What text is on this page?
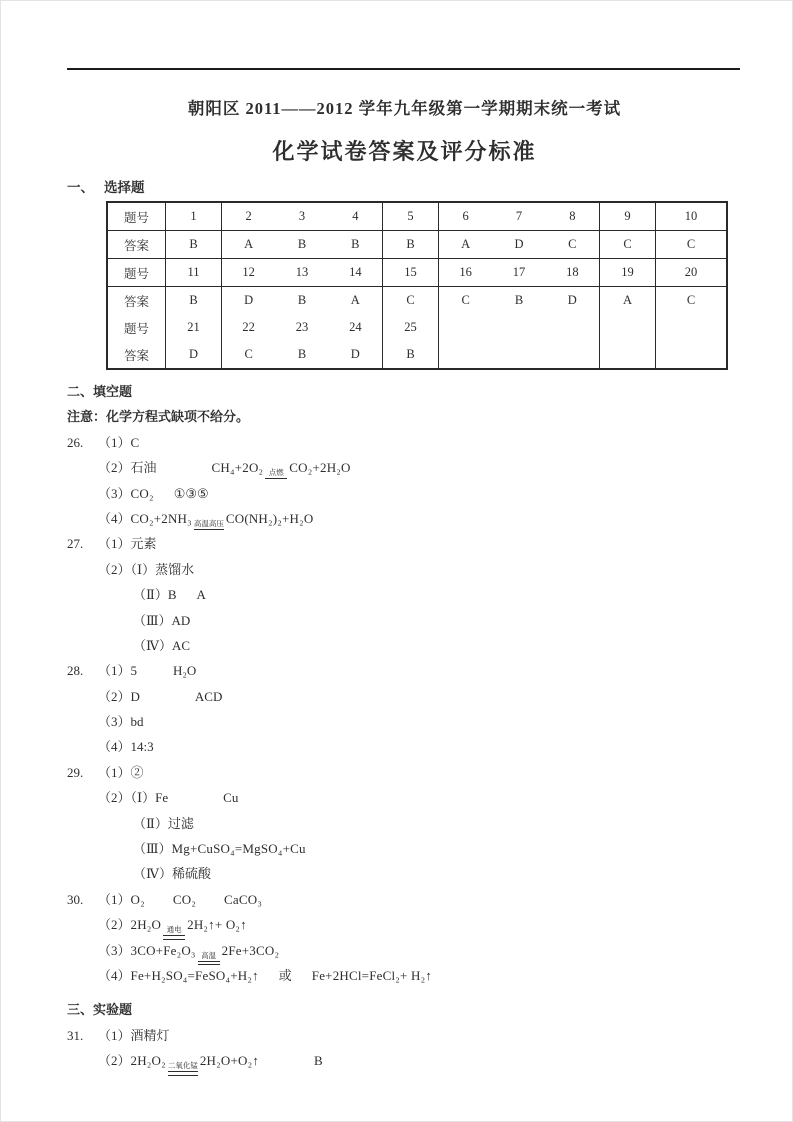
朝阳区 2011——2012 学年九年级第一学期期末统一考试
化学试卷答案及评分标准
一、 选择题
题号	1	2 3 4	5	6 7 8	9	10
答案	B	A B B	B	A D C	C	C
题号	11	12 13 14	15	16 17 18	19	20
答案	B	D B A	C	C B D	A	C
题号	21	22 23 24	25	

答案	D	C B D	B	

二、填空题
注意：化学方程式缺项不给分。
26. （1）C
（2）石油	CH₄+2O₂ 点燃 CO₂+2H₂O
（3）CO₂ ①③⑤
（4）CO₂+2NH₃ 高温高压 CO(NH₂)₂+H₂O
27. （1）元素
（2）（Ⅰ）蒸馏水
（Ⅱ）B A
（Ⅲ）AD
（Ⅳ）AC
28. （1）5	H₂O
（2）D	ACD
（3）bd
（4）14:3
29. （1）②
（2）（Ⅰ）Fe	Cu
（Ⅱ）过滤
（Ⅲ）Mg+CuSO₄=MgSO₄+Cu
（Ⅳ）稀硫酸
30. （1）O₂ CO₂ CaCO₃
（2）2H₂O 通电 2H₂↑+ O₂↑
（3）3CO+Fe₂O₃ 高温 2Fe+3CO₂
（4）Fe+H₂SO₄=FeSO₄+H₂↑ 或 Fe+2HCl=FeCl₂+ H₂↑
三、实验题
31. （1）酒精灯
（2）2H₂O₂ 二氧化锰 2H₂O+O₂↑	B
